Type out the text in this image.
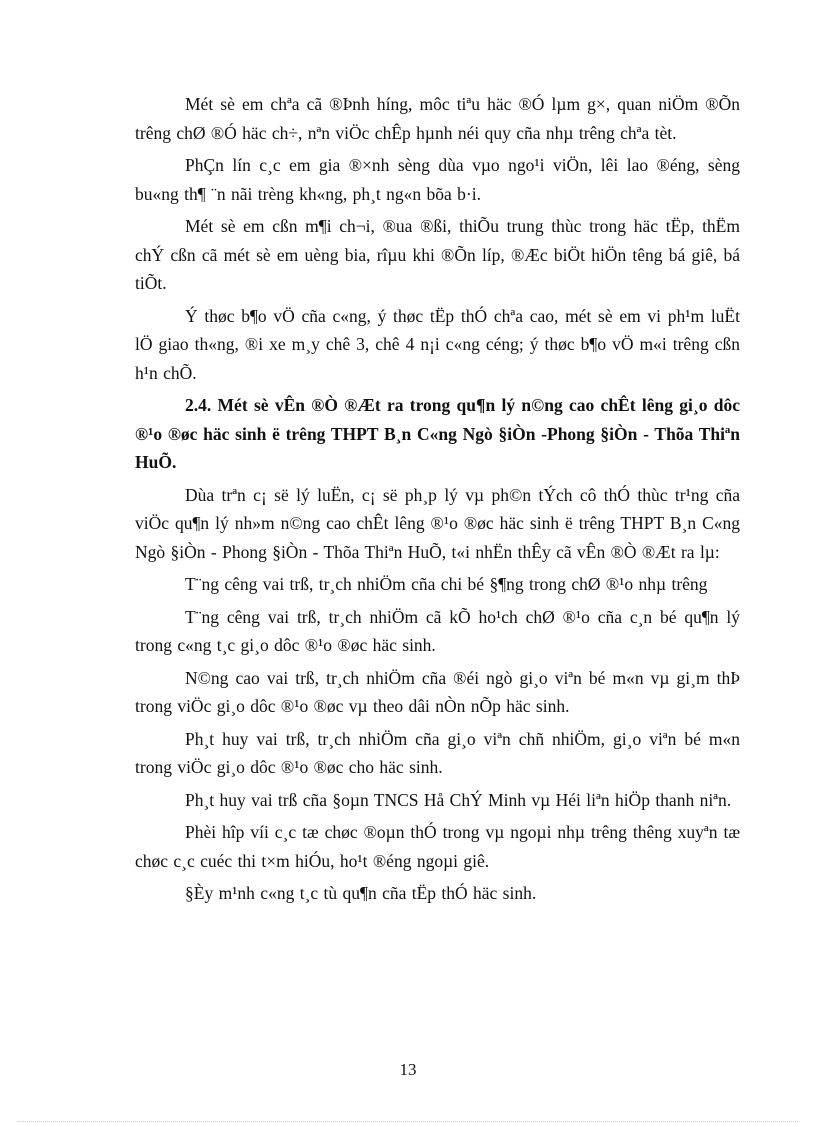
Mét sè em chªa cã ®Þnh híng, môc tiªu häc ®Ó lµm g×, quan niÖm ®Õn trêng chØ ®Ó häc ch÷, nªn viÖc chÊp hµnh néi quy cña nhµ trêng chªa tèt.

PhÇn lín c¸c em gia ®×nh sèng dùa vµo ngo¹i viÖn, lêi lao ®éng, sèng bu«ng th¶ ¨n nãi trèng kh«ng, ph¸t ng«n bõa b·i.

Mét sè em cßn m¶i ch¬i, ®ua ®ßi, thiÕu trung thùc trong häc tËp, thËm chÝ cßn cã mét sè em uèng bia, rîµu khi ®Õn líp, ®Æc biÖt hiÖn têng bá giê, bá tiÕt.

Ý thøc b¶o vÖ cña c«ng, ý thøc tËp thÓ chªa cao, mét sè em vi ph¹m luËt lÖ giao th«ng, ®i xe m¸y chê 3, chê 4 n¡i c«ng céng; ý thøc b¶o vÖ m«i trêng cßn h¹n chÕ.

2.4. Mét sè vÊn ®Ò ®Æt ra trong qu¶n lý n©ng cao chÊt lêng gi¸o dôc ®¹o ®øc häc sinh ë trêng THPT B¸n C«ng Ngò §iÒn -Phong §iÒn - Thõa Thiªn HuÕ.

Dùa trªn c¡ së lý luËn, c¡ së ph¸p lý vµ ph©n tÝch cô thÓ thùc tr¹ng cña viÖc qu¶n lý nh»m n©ng cao chÊt lêng ®¹o ®øc häc sinh ë trêng THPT B¸n C«ng Ngò §iÒn - Phong §iÒn - Thõa Thiªn HuÕ, t«i nhËn thÊy cã vÊn ®Ò ®Æt ra lµ:

T¨ng cêng vai trß, tr¸ch nhiÖm cña chi bé §¶ng trong chØ ®¹o nhµ trêng

T¨ng cêng vai trß, tr¸ch nhiÖm cã kÕ ho¹ch chØ ®¹o cña c¸n bé qu¶n lý trong c«ng t¸c gi¸o dôc ®¹o ®øc häc sinh.

N©ng cao vai trß, tr¸ch nhiÖm cña ®éi ngò gi¸o viªn bé m«n vµ gi¸m thÞ trong viÖc gi¸o dôc ®¹o ®øc vµ theo dâi nÒn nÕp häc sinh.

Ph¸t huy vai trß, tr¸ch nhiÖm cña gi¸o viªn chñ nhiÖm, gi¸o viªn bé m«n trong viÖc gi¸o dôc ®¹o ®øc cho häc sinh.

Ph¸t huy vai trß cña §oµn TNCS Hå ChÝ Minh vµ Héi liªn hiÖp thanh niªn.

Phèi hîp víi c¸c tæ chøc ®oµn thÓ trong vµ ngoµi nhµ trêng thêng xuyªn tæ chøc c¸c cuéc thi t×m hiÓu, ho¹t ®éng ngoµi giê.

§Èy m¹nh c«ng t¸c tù qu¶n cña tËp thÓ häc sinh.

13
